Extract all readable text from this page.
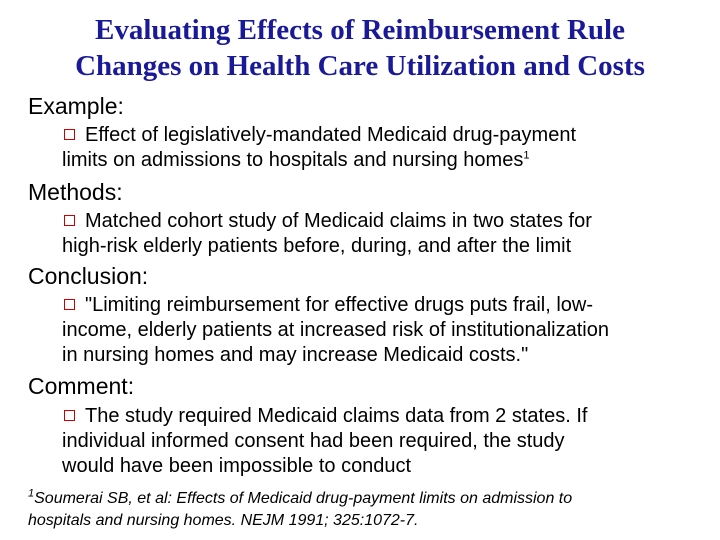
Evaluating Effects of Reimbursement Rule
Changes on Health Care Utilization and Costs
Example:
Effect of legislatively-mandated Medicaid drug-payment
limits on admissions to hospitals and nursing homes$^1$
Methods:
Matched cohort study of Medicaid claims in two states for
high-risk elderly patients before, during, and after the limit
Conclusion:
"Limiting reimbursement for effective drugs puts frail, low-
income, elderly patients at increased risk of institutionalization
in nursing homes and may increase Medicaid costs."
Comment:
The study required Medicaid claims data from 2 states. If
individual informed consent had been required, the study
would have been impossible to conduct
$^1$Soumerai SB, et al: Effects of Medicaid drug-payment limits on admission to
hospitals and nursing homes. NEJM 1991; 325:1072-7.
